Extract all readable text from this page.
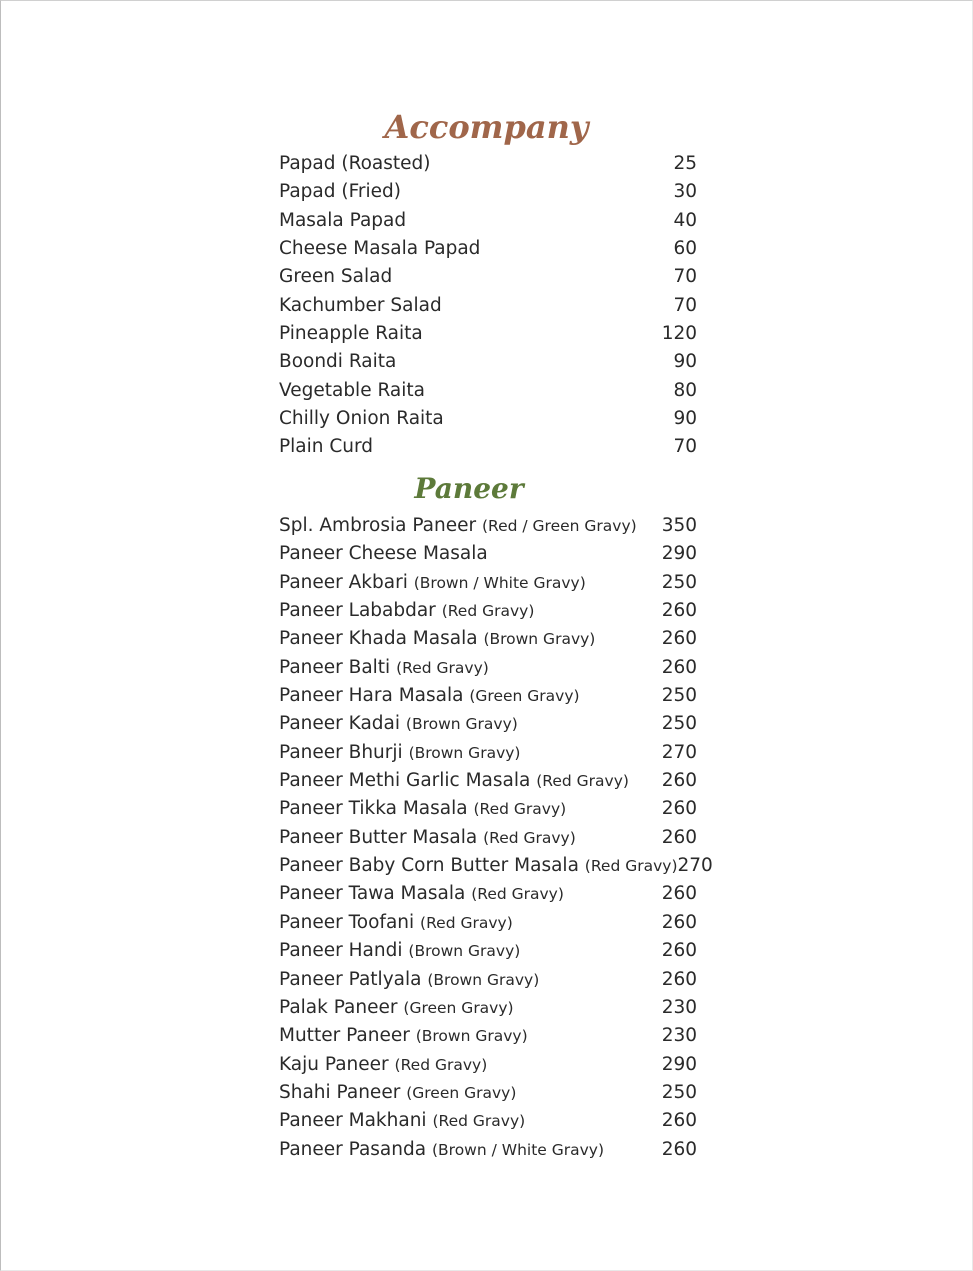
Accompany
Papad (Roasted)	25
Papad (Fried)	30
Masala Papad	40
Cheese Masala Papad	60
Green Salad	70
Kachumber Salad	70
Pineapple Raita	120
Boondi Raita	90
Vegetable Raita	80
Chilly Onion Raita	90
Plain Curd	70
Paneer
Spl. Ambrosia Paneer (Red / Green Gravy) 350
Paneer Cheese Masala	290
Paneer Akbari (Brown / White Gravy)	250
Paneer Lababdar (Red Gravy)	260
Paneer Khada Masala (Brown Gravy)	260
Paneer Balti (Red Gravy)	260
Paneer Hara Masala (Green Gravy)	250
Paneer Kadai (Brown Gravy)	250
Paneer Bhurji (Brown Gravy)	270
Paneer Methi Garlic Masala (Red Gravy) 260
Paneer Tikka Masala (Red Gravy)	260
Paneer Butter Masala (Red Gravy)	260
Paneer Baby Corn Butter Masala (Red Gravy) 270
Paneer Tawa Masala (Red Gravy)	260
Paneer Toofani (Red Gravy)	260
Paneer Handi (Brown Gravy)	260
Paneer Patlyala (Brown Gravy)	260
Palak Paneer (Green Gravy)	230
Mutter Paneer (Brown Gravy)	230
Kaju Paneer (Red Gravy)	290
Shahi Paneer (Green Gravy)	250
Paneer Makhani (Red Gravy)	260
Paneer Pasanda (Brown / White Gravy)	260
